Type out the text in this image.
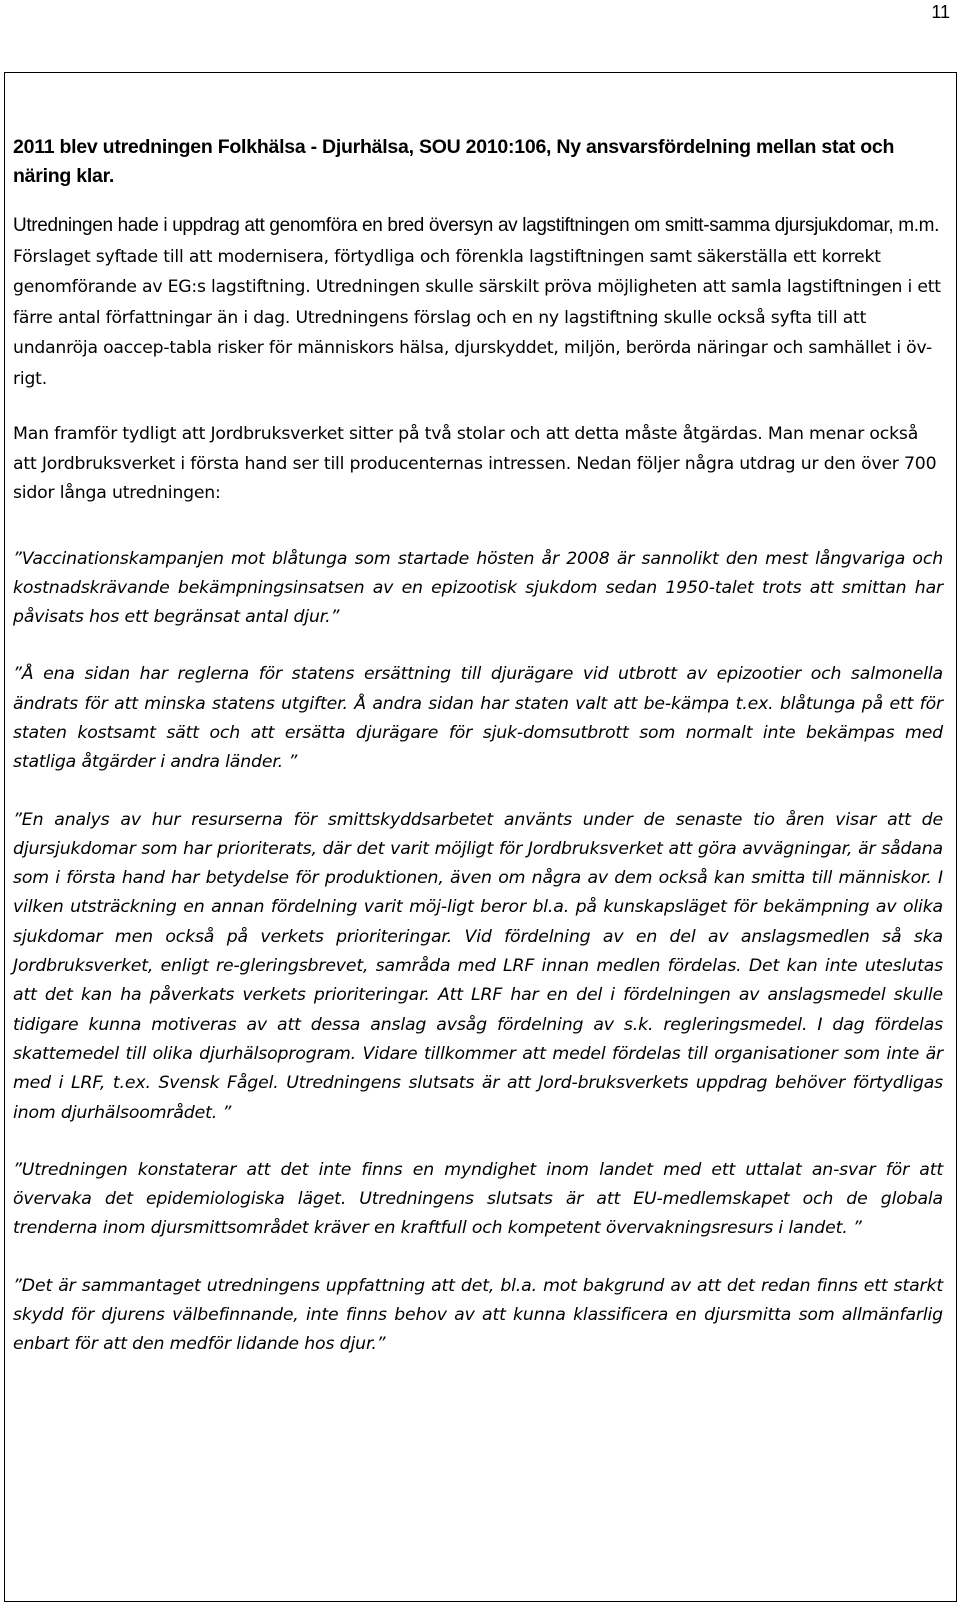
11

2011 blev utredningen Folkhälsa - Djurhälsa, SOU 2010:106, Ny ansvarsfördelning mellan stat och näring klar.

Utredningen hade i uppdrag att genomföra en bred översyn av lagstiftningen om smitt-samma djursjukdomar, m.m. Förslaget syftade till att modernisera, förtydliga och förenkla lagstiftningen samt säkerställa ett korrekt genomförande av EG:s lagstiftning. Utredningen skulle särskilt pröva möjligheten att samla lagstiftningen i ett färre antal författningar än i dag. Utredningens förslag och en ny lagstiftning skulle också syfta till att undanröja oaccep-tabla risker för människors hälsa, djurskyddet, miljön, berörda näringar och samhället i öv-rigt.

Man framför tydligt att Jordbruksverket sitter på två stolar och att detta måste åtgärdas. Man menar också att Jordbruksverket i första hand ser till producenternas intressen. Nedan följer några utdrag ur den över 700 sidor långa utredningen:

”Vaccinationskampanjen mot blåtunga som startade hösten år 2008 är sannolikt den mest långvariga och kostnadskrävande bekämpningsinsatsen av en epizootisk sjukdom sedan 1950-talet trots att smittan har påvisats hos ett begränsat antal djur.”

”Å ena sidan har reglerna för statens ersättning till djurägare vid utbrott av epizootier och salmonella ändrats för att minska statens utgifter. Å andra sidan har staten valt att be-kämpa t.ex. blåtunga på ett för staten kostsamt sätt och att ersätta djurägare för sjuk-domsutbrott som normalt inte bekämpas med statliga åtgärder i andra länder. ”

”En analys av hur resurserna för smittskyddsarbetet använts under de senaste tio åren visar att de djursjukdomar som har prioriterats, där det varit möjligt för Jordbruksverket att göra avvägningar, är sådana som i första hand har betydelse för produktionen, även om några av dem också kan smitta till människor. I vilken utsträckning en annan fördelning varit möj-ligt beror bl.a. på kunskapsläget för bekämpning av olika sjukdomar men också på verkets prioriteringar. Vid fördelning av en del av anslagsmedlen så ska Jordbruksverket, enligt re-gleringsbrevet, samråda med LRF innan medlen fördelas. Det kan inte uteslutas att det kan ha påverkats verkets prioriteringar. Att LRF har en del i fördelningen av anslagsmedel skulle tidigare kunna motiveras av att dessa anslag avsåg fördelning av s.k. regleringsmedel. I dag fördelas skattemedel till olika djurhälsoprogram. Vidare tillkommer att medel fördelas till organisationer som inte är med i LRF, t.ex. Svensk Fågel. Utredningens slutsats är att Jord-bruksverkets uppdrag behöver förtydligas inom djurhälsoområdet. ”

”Utredningen konstaterar att det inte finns en myndighet inom landet med ett uttalat an-svar för att övervaka det epidemiologiska läget. Utredningens slutsats är att EU-medlemskapet och de globala trenderna inom djursmittsområdet kräver en kraftfull och kompetent övervakningsresurs i landet. ”

”Det är sammantaget utredningens uppfattning att det, bl.a. mot bakgrund av att det redan finns ett starkt skydd för djurens välbefinnande, inte finns behov av att kunna klassificera en djursmitta som allmänfarlig enbart för att den medför lidande hos djur.”
